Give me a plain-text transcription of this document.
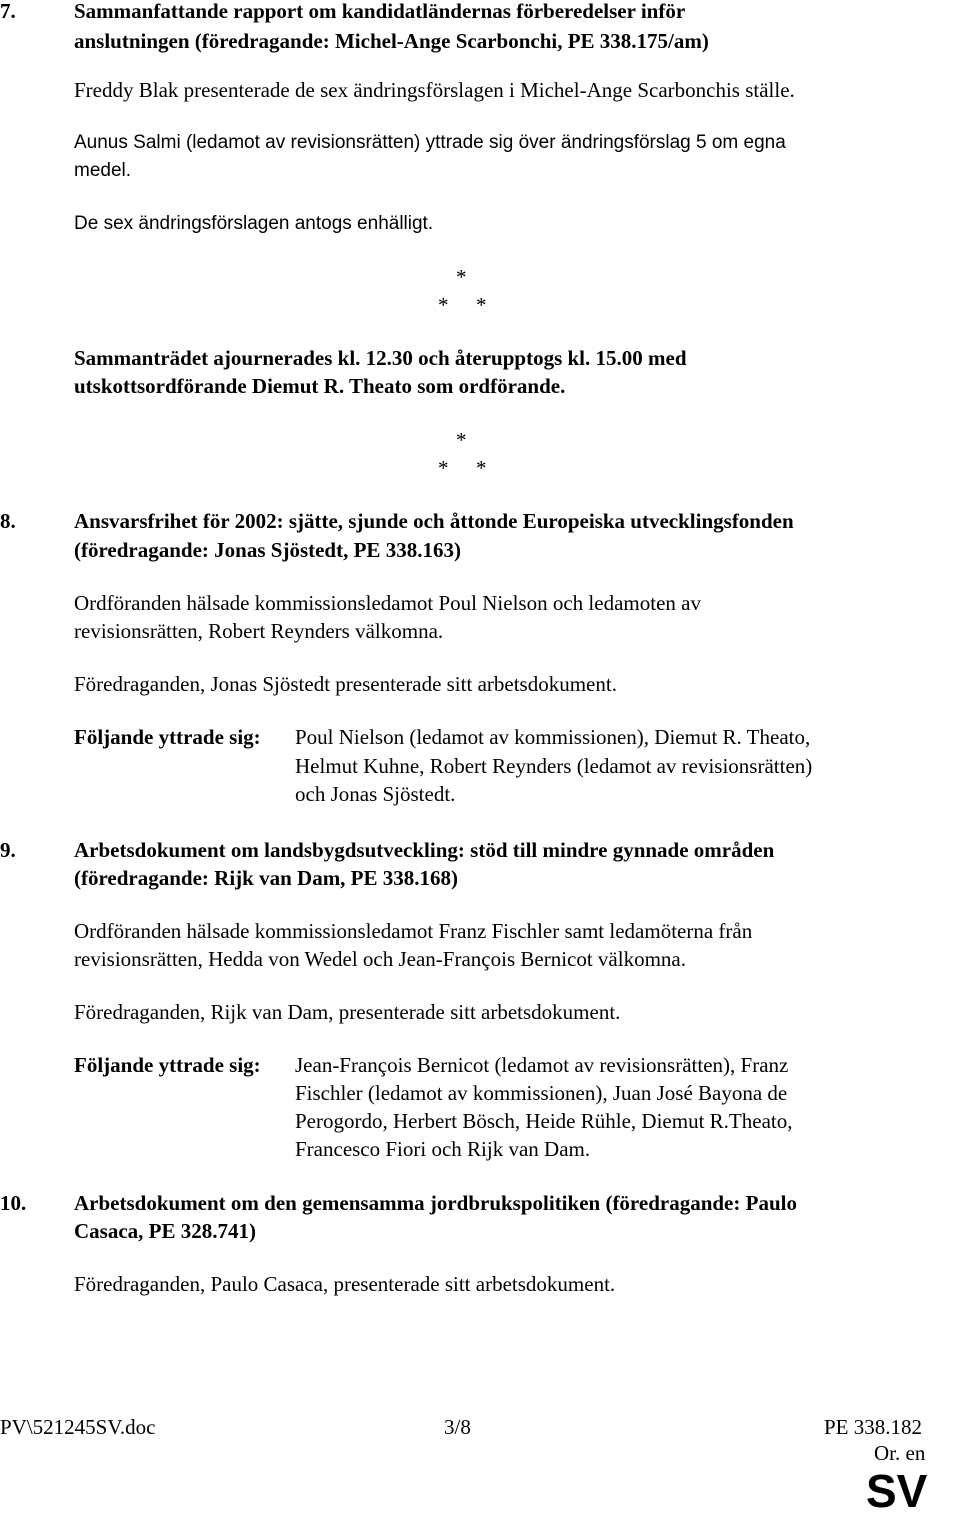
7.	Sammanfattande rapport om kandidatländernas förberedelser inför
anslutningen (föredragande: Michel-Ange Scarbonchi, PE 338.175/am)
Freddy Blak presenterade de sex ändringsförslagen i Michel-Ange Scarbonchis ställe.
Aunus Salmi (ledamot av revisionsrätten) yttrade sig över ändringsförslag 5 om egna
medel.
De sex ändringsförslagen antogs enhälligt.
*
* *
Sammanträdet ajournerades kl. 12.30 och återupptogs kl. 15.00 med
utskottsordförande Diemut R. Theato som ordförande.
*
* *
8.	Ansvarsfrihet för 2002: sjätte, sjunde och åttonde Europeiska utvecklingsfonden
(föredragande: Jonas Sjöstedt, PE 338.163)
Ordföranden hälsade kommissionsledamot Poul Nielson och ledamoten av
revisionsrätten, Robert Reynders välkomna.
Föredraganden, Jonas Sjöstedt presenterade sitt arbetsdokument.
Följande yttrade sig: Poul Nielson (ledamot av kommissionen), Diemut R. Theato,
Helmut Kuhne, Robert Reynders (ledamot av revisionsrätten)
och Jonas Sjöstedt.
9.	Arbetsdokument om landsbygdsutveckling: stöd till mindre gynnade områden
(föredragande: Rijk van Dam, PE 338.168)
Ordföranden hälsade kommissionsledamot Franz Fischler samt ledamöterna från
revisionsrätten, Hedda von Wedel och Jean-François Bernicot välkomna.
Föredraganden, Rijk van Dam, presenterade sitt arbetsdokument.
Följande yttrade sig: Jean-François Bernicot (ledamot av revisionsrätten), Franz
Fischler (ledamot av kommissionen), Juan José Bayona de
Perogordo, Herbert Bösch, Heide Rühle, Diemut R.Theato,
Francesco Fiori och Rijk van Dam.
10. Arbetsdokument om den gemensamma jordbrukspolitiken (föredragande: Paulo
Casaca, PE 328.741)
Föredraganden, Paulo Casaca, presenterade sitt arbetsdokument.
PV\521245SV.doc	3/8	PE 338.182
Or. en
SV
